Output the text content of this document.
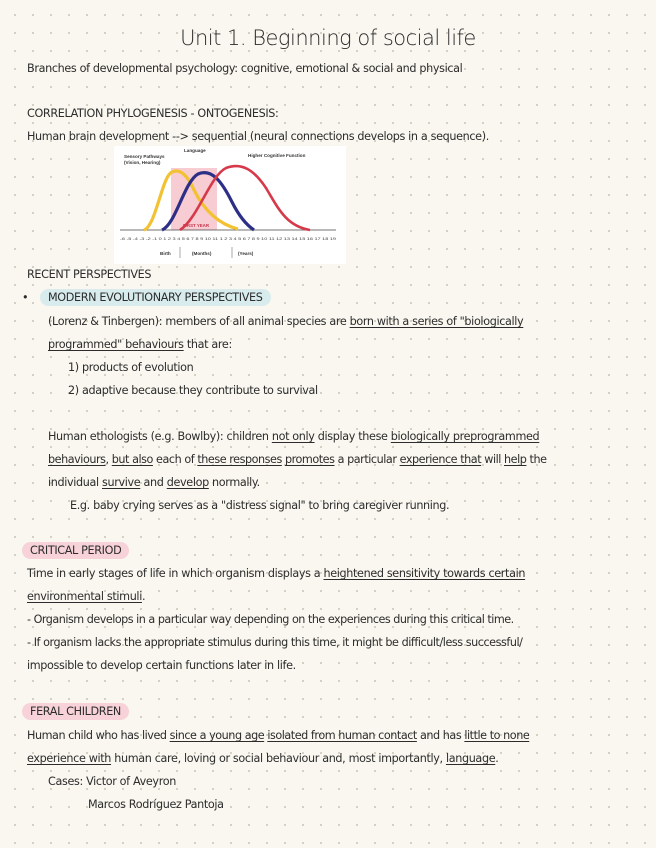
Unit 1. Beginning of social life
Branches of developmental psychology: cognitive, emotional & social and physical
CORRELATION PHYLOGENESIS - ONTOGENESIS:
Human brain development --> sequential (neural connections develops in a sequence).
Sensory Pathways
(Vision, Hearing)
Language
Higher Cognitive Function
FIRST YEAR
-6 -5 -4 -3 -2 -1 0 1 2 3 4 5 6 7 8 9 10 11 1 2 3 4 5 6 7 8 9 10 11 12 13 14 15 16 17 18 19
Birth	(Months)	(Years)
RECENT PERSPECTIVES
•	MODERN EVOLUTIONARY PERSPECTIVES
(Lorenz & Tinbergen): members of all animal species are born with a series of "biologically
programmed" behaviours that are:
1) products of evolution
2) adaptive because they contribute to survival
Human ethologists (e.g. Bowlby): children not only display these biologically preprogrammed
behaviours, but also each of these responses promotes a particular experience that will help the
individual survive and develop normally.
E.g. baby crying serves as a "distress signal" to bring caregiver running.
CRITICAL PERIOD
Time in early stages of life in which organism displays a heightened sensitivity towards certain
environmental stimuli.
- Organism develops in a particular way depending on the experiences during this critical time.
- If organism lacks the appropriate stimulus during this time, it might be difficult/less successful/
impossible to develop certain functions later in life.
FERAL CHILDREN
Human child who has lived since a young age isolated from human contact and has little to none
experience with human care, loving or social behaviour and, most importantly, language.
Cases: Victor of Aveyron
Marcos Rodríguez Pantoja
